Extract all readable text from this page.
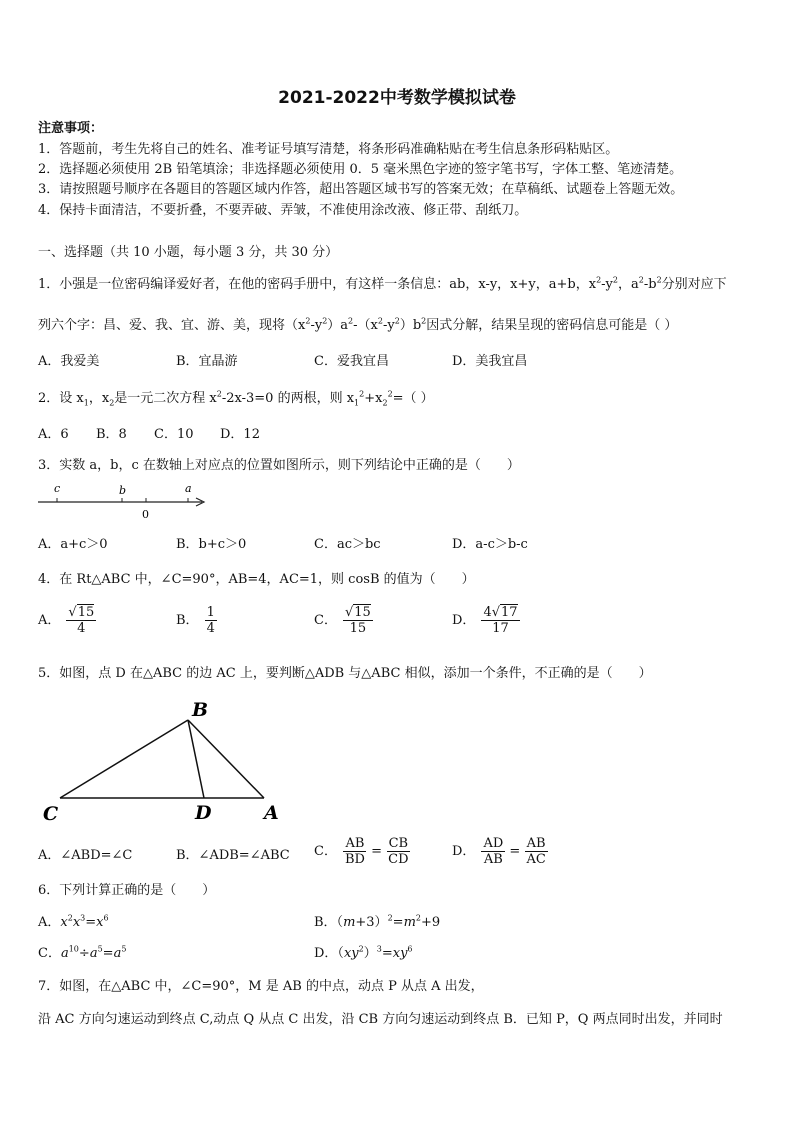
2021-2022中考数学模拟试卷
注意事项：
1．答题前，考生先将自己的姓名、准考证号填写清楚，将条形码准确粘贴在考生信息条形码粘贴区。
2．选择题必须使用 2B 铅笔填涂；非选择题必须使用 0．5 毫米黑色字迹的签字笔书写，字体工整、笔迹清楚。
3．请按照题号顺序在各题目的答题区域内作答，超出答题区域书写的答案无效；在草稿纸、试题卷上答题无效。
4．保持卡面清洁，不要折叠，不要弄破、弄皱，不准使用涂改液、修正带、刮纸刀。
一、选择题（共 10 小题，每小题 3 分，共 30 分）
1．小强是一位密码编译爱好者，在他的密码手册中，有这样一条信息：ab，x-y，x+y，a+b，$x^2-y^2$，$a^2-b^2$分别对应下
列六个字：昌、爱、我、宜、游、美，现将$(x^2-y^2)a^2-(x^2-y^2)b^2$因式分解，结果呈现的密码信息可能是（ ）
A．我爱美	B．宜晶游	C．爱我宜昌	D．美我宜昌
2．设 $x_1$，$x_2$是一元二次方程 $x^2-2x-3=0$ 的两根，则 $x_1^2+x_2^2=$（ ）
A．6 B．8 C．10 D．12
3．实数 a，b，c 在数轴上对应点的位置如图所示，则下列结论中正确的是（　　）
c	b	a
0
A．a+c＞0	B．b+c＞0	C．ac＞bc	D．a-c＞b-c
4．在 Rt△ABC 中，∠C=90°，AB=4，AC=1，则 cosB 的值为（　　）
A． $\frac{√15}{4}$	B． $\frac{1}{4}$	C． $\frac{√15}{15}$	D． $\frac{4√17}{17}$
5．如图，点 D 在△ABC 的边 AC 上，要判断△ADB 与△ABC 相似，添加一个条件，不正确的是（　　）
B
C	D	A
A．∠ABD=∠C	B．∠ADB=∠ABC C． $\frac{AB}{BD} = \frac{CB}{CD}$	D． $\frac{AD}{AB} = \frac{AB}{AC}$
6．下列计算正确的是（　　）
A．$x^2x^3=x^6$	B．$(m+3)^2=m^2+9$
C．$a^{10}\div a^5=a^5$	D．$(xy^2)^3=xy^6$
7．如图，在△ABC 中，∠C=90°，M 是 AB 的中点，动点 P 从点 A 出发，
沿 AC 方向匀速运动到终点 C,动点 Q 从点 C 出发，沿 CB 方向匀速运动到终点 B．已知 P，Q 两点同时出发，并同时
